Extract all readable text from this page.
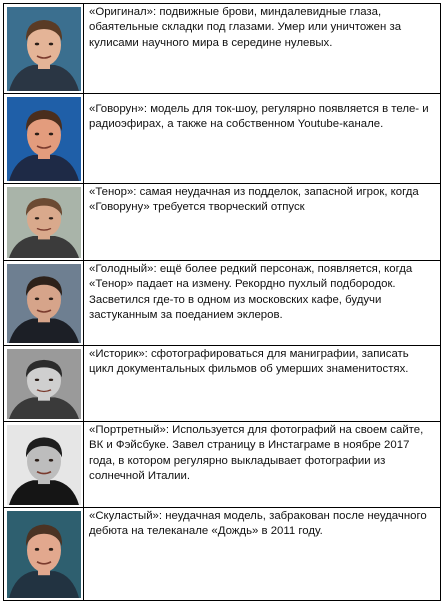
	«Оригинал»: подвижные брови, миндалевидные глаза, обаятельные складки под глазами. Умер или уничтожен за кулисами научного мира в середине нулевых.

	«Говорун»: модель для ток-шоу, регулярно появляется в теле- и радиоэфирах, а также на собственном Youtube-канале.

	«Тенор»: самая неудачная из подделок, запасной игрок, когда «Говоруну» требуется творческий отпуск

	«Голодный»: ещё более редкий персонаж, появляется, когда «Тенор» падает на измену. Рекордно пухлый подбородок. Засветился где-то в одном из московских кафе, будучи застуканным за поеданием эклеров.

	«Историк»: сфотографироваться для маниграфии, записать цикл документальных фильмов об умерших знаменитостях.

	«Портретный»: Используется для фотографий на своем сайте, ВК и Фэйсбуке. Завел страницу в Инстаграме в ноябре 2017 года, в котором регулярно выкладывает фотографии из солнечной Италии.

	«Скуластый»: неудачная модель, забракован после неудачного дебюта на телеканале «Дождь» в 2011 году.
